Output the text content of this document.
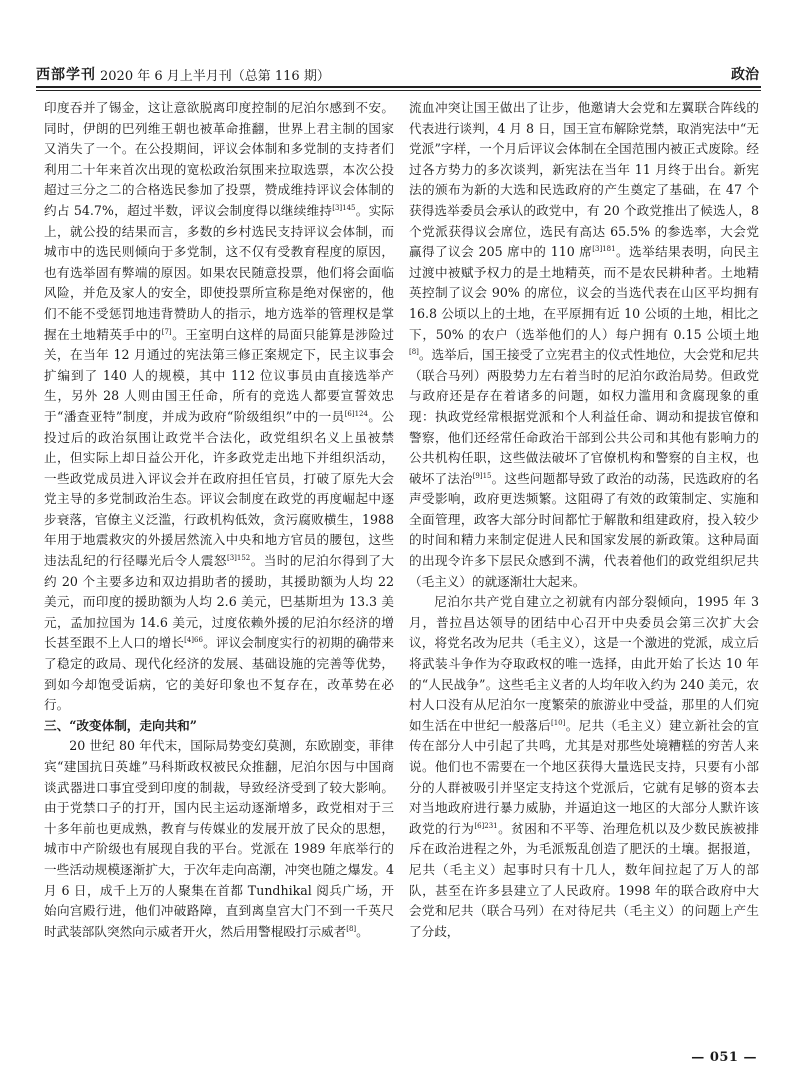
西部学刊 2020 年 6 月上半月刊（总第 116 期）	政治

印度吞并了锡金，这让意欲脱离印度控制的尼泊尔感到不安。同时，伊朗的巴列维王朝也被革命推翻，世界上君主制的国家又消失了一个。在公投期间，评议会体制和多党制的支持者们利用二十年来首次出现的宽松政治氛围来拉取选票，本次公投超过三分之二的合格选民参加了投票，赞成维持评议会体制的约占 54.7%，超过半数，评议会制度得以继续维持$^{[3]145}$。实际上，就公投的结果而言，多数的乡村选民支持评议会体制，而城市中的选民则倾向于多党制，这不仅有受教育程度的原因，也有选举固有弊端的原因。如果农民随意投票，他们将会面临风险，并危及家人的安全，即使投票所宣称是绝对保密的，他们不能不受惩罚地违背赞助人的指示，地方选举的管理权是掌握在土地精英手中的[7]。王室明白这样的局面只能算是涉险过关，在当年 12 月通过的宪法第三修正案规定下，民主议事会扩编到了 140 人的规模，其中 112 位议事员由直接选举产生，另外 28 人则由国王任命，所有的竞选人都要宣誓效忠于“潘查亚特”制度，并成为政府“阶级组织”中的一员$^{[6]124}$。公投过后的政治氛围让政党半合法化，政党组织名义上虽被禁止，但实际上却日益公开化，许多政党走出地下并组织活动，一些政党成员进入评议会并在政府担任官员，打破了原先大会党主导的多党制政治生态。评议会制度在政党的再度崛起中逐步衰落，官僚主义泛滥，行政机构低效，贪污腐败横生，1988 年用于地震救灾的外援居然流入中央和地方官员的腰包，这些违法乱纪的行径曝光后令人震怒$^{[3]152}$。当时的尼泊尔得到了大约 20 个主要多边和双边捐助者的援助，其援助额为人均 22 美元，而印度的援助额为人均 2.6 美元，巴基斯坦为 13.3 美元，孟加拉国为 14.6 美元，过度依赖外援的尼泊尔经济的增长甚至跟不上人口的增长$^{[4]66}$。评议会制度实行的初期的确带来了稳定的政局、现代化经济的发展、基础设施的完善等优势，到如今却饱受诟病，它的美好印象也不复存在，改革势在必行。

三、“改变体制，走向共和”

20 世纪 80 年代末，国际局势变幻莫测，东欧剧变，菲律宾“建国抗日英雄”马科斯政权被民众推翻，尼泊尔因与中国商谈武器进口事宜受到印度的制裁，导致经济受到了较大影响。由于党禁口子的打开，国内民主运动逐渐增多，政党相对于三十多年前也更成熟，教育与传媒业的发展开放了民众的思想，城市中产阶级也有展现自我的平台。党派在 1989 年底举行的一些活动规模逐渐扩大，于次年走向高潮，冲突也随之爆发。4 月 6 日，成千上万的人聚集在首都 Tundhikal 阅兵广场，开始向宫殿行进，他们冲破路障，直到离皇宫大门不到一千英尺时武装部队突然向示威者开火，然后用警棍殴打示威者[8]。

流血冲突让国王做出了让步，他邀请大会党和左翼联合阵线的代表进行谈判，4 月 8 日，国王宣布解除党禁，取消宪法中“无党派”字样，一个月后评议会体制在全国范围内被正式废除。经过各方势力的多次谈判，新宪法在当年 11 月终于出台。新宪法的颁布为新的大选和民选政府的产生奠定了基础，在 47 个获得选举委员会承认的政党中，有 20 个政党推出了候选人，8 个党派获得议会席位，选民有高达 65.5% 的参选率，大会党赢得了议会 205 席中的 110 席$^{[3]181}$。选举结果表明，向民主过渡中被赋予权力的是土地精英，而不是农民耕种者。土地精英控制了议会 90% 的席位，议会的当选代表在山区平均拥有 16.8 公顷以上的土地，在平原拥有近 10 公顷的土地，相比之下，50% 的农户（选举他们的人）每户拥有 0.15 公顷土地[8]。选举后，国王接受了立宪君主的仪式性地位，大会党和尼共（联合马列）两股势力左右着当时的尼泊尔政治局势。但政党与政府还是存在着诸多的问题，如权力滥用和贪腐现象的重现：执政党经常根据党派和个人利益任命、调动和提拔官僚和警察，他们还经常任命政治干部到公共公司和其他有影响力的公共机构任职，这些做法破坏了官僚机构和警察的自主权，也破坏了法治$^{[9]15}$。这些问题都导致了政治的动荡，民选政府的名声受影响，政府更迭频繁。这阻碍了有效的政策制定、实施和全面管理，政客大部分时间都忙于解散和组建政府，投入较少的时间和精力来制定促进人民和国家发展的新政策。这种局面的出现令许多下层民众感到不满，代表着他们的政党组织尼共（毛主义）的就逐渐壮大起来。

尼泊尔共产党自建立之初就有内部分裂倾向，1995 年 3 月，普拉昌达领导的团结中心召开中央委员会第三次扩大会议，将党名改为尼共（毛主义），这是一个激进的党派，成立后将武装斗争作为夺取政权的唯一选择，由此开始了长达 10 年的“人民战争”。这些毛主义者的人均年收入约为 240 美元，农村人口没有从尼泊尔一度繁荣的旅游业中受益，那里的人们宛如生活在中世纪一般落后[10]。尼共（毛主义）建立新社会的宣传在部分人中引起了共鸣，尤其是对那些处境糟糕的穷苦人来说。他们也不需要在一个地区获得大量选民支持，只要有小部分的人群被吸引并坚定支持这个党派后，它就有足够的资本去对当地政府进行暴力威胁，并逼迫这一地区的大部分人默许该政党的行为$^{[6]231}$。贫困和不平等、治理危机以及少数民族被排斥在政治进程之外，为毛派叛乱创造了肥沃的土壤。据报道，尼共（毛主义）起事时只有十几人，数年间拉起了万人的部队，甚至在许多县建立了人民政府。1998 年的联合政府中大会党和尼共（联合马列）在对待尼共（毛主义）的问题上产生了分歧，

— 051 —
